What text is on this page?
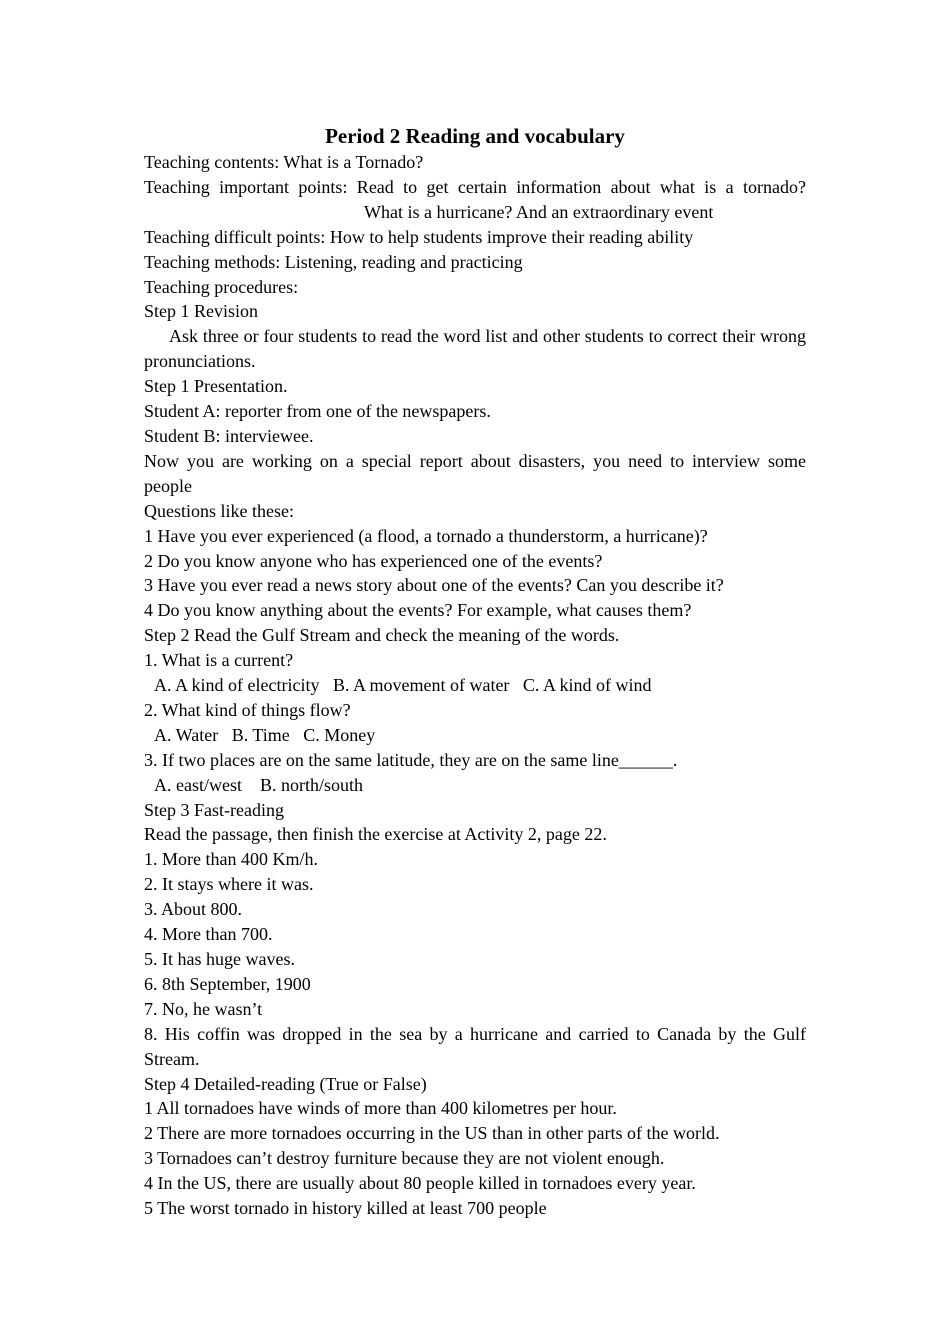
Period 2 Reading and vocabulary

Teaching contents: What is a Tornado?

Teaching important points: Read to get certain information about what is a tornado?

What is a hurricane? And an extraordinary event

Teaching difficult points: How to help students improve their reading ability

Teaching methods: Listening, reading and practicing

Teaching procedures:

Step 1 Revision

Ask three or four students to read the word list and other students to correct their wrong pronunciations.

Step 1 Presentation.

Student A: reporter from one of the newspapers.

Student B: interviewee.

Now you are working on a special report about disasters, you need to interview some people

Questions like these:

1 Have you ever experienced (a flood, a tornado a thunderstorm, a hurricane)?

2 Do you know anyone who has experienced one of the events?

3 Have you ever read a news story about one of the events? Can you describe it?

4 Do you know anything about the events? For example, what causes them?

Step 2 Read the Gulf Stream and check the meaning of the words.

1. What is a current?

A. A kind of electricity   B. A movement of water   C. A kind of wind

2. What kind of things flow?

A. Water   B. Time   C. Money

3. If two places are on the same latitude, they are on the same line______.

A. east/west    B. north/south

Step 3 Fast-reading

Read the passage, then finish the exercise at Activity 2, page 22.

1. More than 400 Km/h.

2. It stays where it was.

3. About 800.

4. More than 700.

5. It has huge waves.

6. 8th September, 1900

7. No, he wasn’t

8. His coffin was dropped in the sea by a hurricane and carried to Canada by the Gulf Stream.

Step 4 Detailed-reading (True or False)

1 All tornadoes have winds of more than 400 kilometres per hour.

2 There are more tornadoes occurring in the US than in other parts of the world.

3 Tornadoes can’t destroy furniture because they are not violent enough.

4 In the US, there are usually about 80 people killed in tornadoes every year.

5 The worst tornado in history killed at least 700 people
